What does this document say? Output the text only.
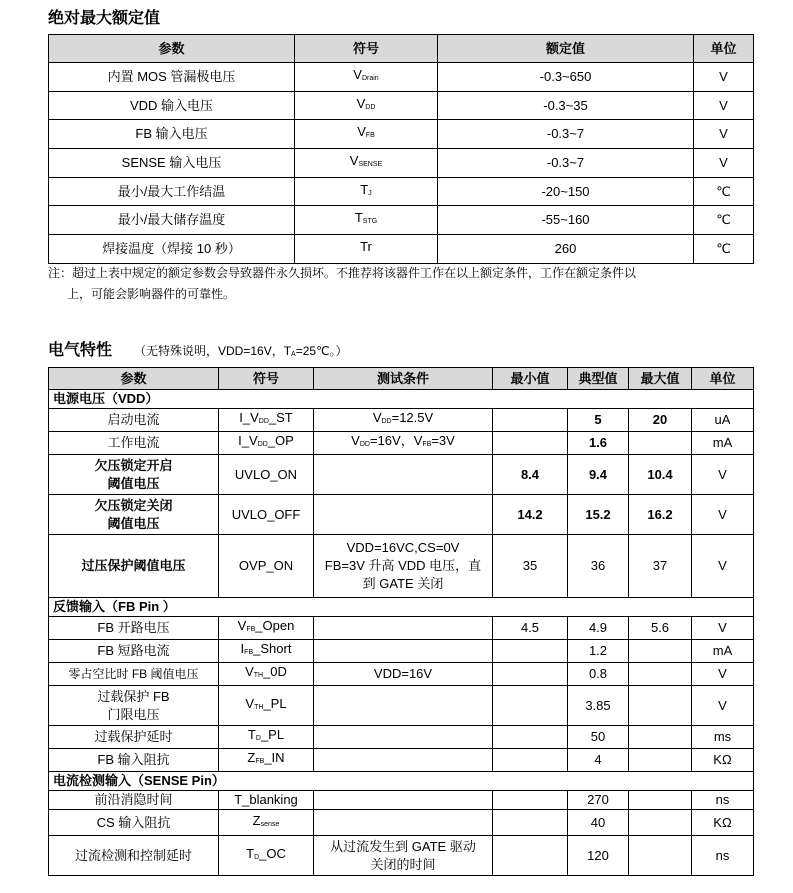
绝对最大额定值
参数	符号	额定值	单位
内置 MOS 管漏极电压	$V_{Drain}$	-0.3~650	V
VDD 输入电压	$V_{DD}$	-0.3~35	V
FB 输入电压	$V_{FB}$	-0.3~7	V
SENSE 输入电压	$V_{SENSE}$	-0.3~7	V
最小/最大工作结温	$T_J$	-20~150	℃
最小/最大储存温度	$T_{STG}$	-55~160	℃
焊接温度（焊接 10 秒）	Tr	260	℃
注：超过上表中规定的额定参数会导致器件永久损坏。不推荐将该器件工作在以上额定条件，工作在额定条件以
上，可能会影响器件的可靠性。
电气特性 （无特殊说明，VDD=16V，$T_A=25℃$。）
参数	符号	测试条件	最小值	典型值	最大值	单位
电源电压（VDD）						
启动电流	$I\_V_{DD}\_ST$	$V_{DD}=12.5V$		5	20	uA
工作电流	$I\_V_{DD}\_OP$	$V_{DD}=16V$，$V_{FB}=3V$		1.6		mA

欠压锁定开启
阈值电压	UVLO_ON		8.4	9.4	10.4	V

欠压锁定关闭
阈值电压	UVLO_OFF		14.2	15.2	16.2	V
过压保护阈值电压	OVP_ON	VDD=16VC,CS=0V
FB=3V 升高 VDD 电压，直
到 GATE 关闭	35	36	37	V
反馈输入（FB Pin ）						
FB 开路电压	$V_{FB}\_Open$		4.5	4.9	5.6	V
FB 短路电流	$I_{FB}\_Short$			1.2		mA
零占空比时 FB 阈值电压	$V_{TH}\_0D$	VDD=16V		0.8		V

过载保护 FB
门限电压	$V_{TH}\_PL$			3.85		V
过载保护延时	$T_D\_PL$			50		ms
FB 输入阻抗	$Z_{FB}\_IN$			4		KΩ
电流检测输入（SENSE Pin）						
前沿消隐时间	T_blanking			270		ns
CS 输入阻抗	$Z_{sense}$			40		KΩ
过流检测和控制延时	$T_D\_OC$	从过流发生到 GATE 驱动
关闭的时间		120		ns
